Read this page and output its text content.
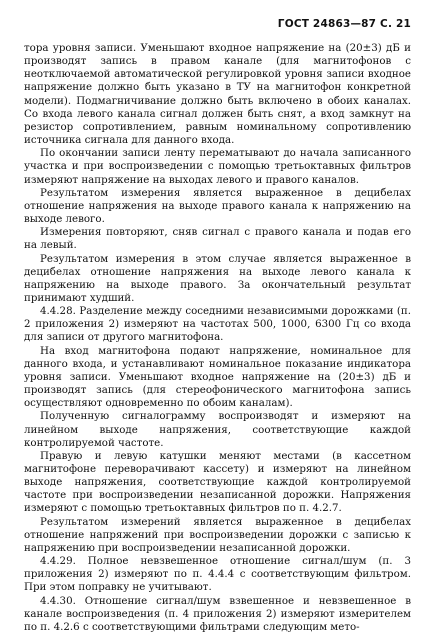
ГОСТ 24863—87 С. 21

тора уровня записи. Уменьшают входное напряжение на (20±3) дБ и производят запись в правом канале (для магнитофонов с неотключаемой автоматической регулировкой уровня записи входное напряжение должно быть указано в ТУ на магнитофон конкретной модели). Подмагничивание должно быть включено в обоих каналах. Со входа левого канала сигнал должен быть снят, а вход замкнут на резистор сопротивлением, равным номинальному сопротивлению источника сигнала для данного входа.

По окончании записи ленту перематывают до начала записанного участка и при воспроизведении с помощью третьоктавных фильтров измеряют напряжение на выходах левого и правого каналов.

Результатом измерения является выраженное в децибелах отношение напряжения на выходе правого канала к напряжению на выходе левого.

Измерения повторяют, сняв сигнал с правого канала и подав его на левый.

Результатом измерения в этом случае является выраженное в децибелах отношение напряжения на выходе левого канала к напряжению на выходе правого. За окончательный результат принимают худший.

4.4.28. Разделение между соседними независимыми дорожками (п. 2 приложения 2) измеряют на частотах 500, 1000, 6300 Гц со входа для записи от другого магнитофона.

На вход магнитофона подают напряжение, номинальное для данного входа, и устанавливают номинальное показание индикатора уровня записи. Уменьшают входное напряжение на (20±3) дБ и производят запись (для стереофонического магнитофона запись осуществляют одновременно по обоим каналам).

Полученную сигналограмму воспроизводят и измеряют на линейном выходе напряжения, соответствующие каждой контролируемой частоте.

Правую и левую катушки меняют местами (в кассетном магнитофоне переворачивают кассету) и измеряют на линейном выходе напряжения, соответствующие каждой контролируемой частоте при воспроизведении незаписанной дорожки. Напряжения измеряют с помощью третьоктавных фильтров по п. 4.2.7.

Результатом измерений является выраженное в децибелах отношение напряжений при воспроизведении дорожки с записью к напряжению при воспроизведении незаписанной дорожки.

4.4.29. Полное невзвешенное отношение сигнал/шум (п. 3 приложения 2) измеряют по п. 4.4.4 с соответствующим фильтром. При этом поправку не учитывают.

4.4.30. Отношение сигнал/шум взвешенное и невзвешенное в канале воспроизведения (п. 4 приложения 2) измеряют измерителем по п. 4.2.6 с соответствующими фильтрами следующим мето-
